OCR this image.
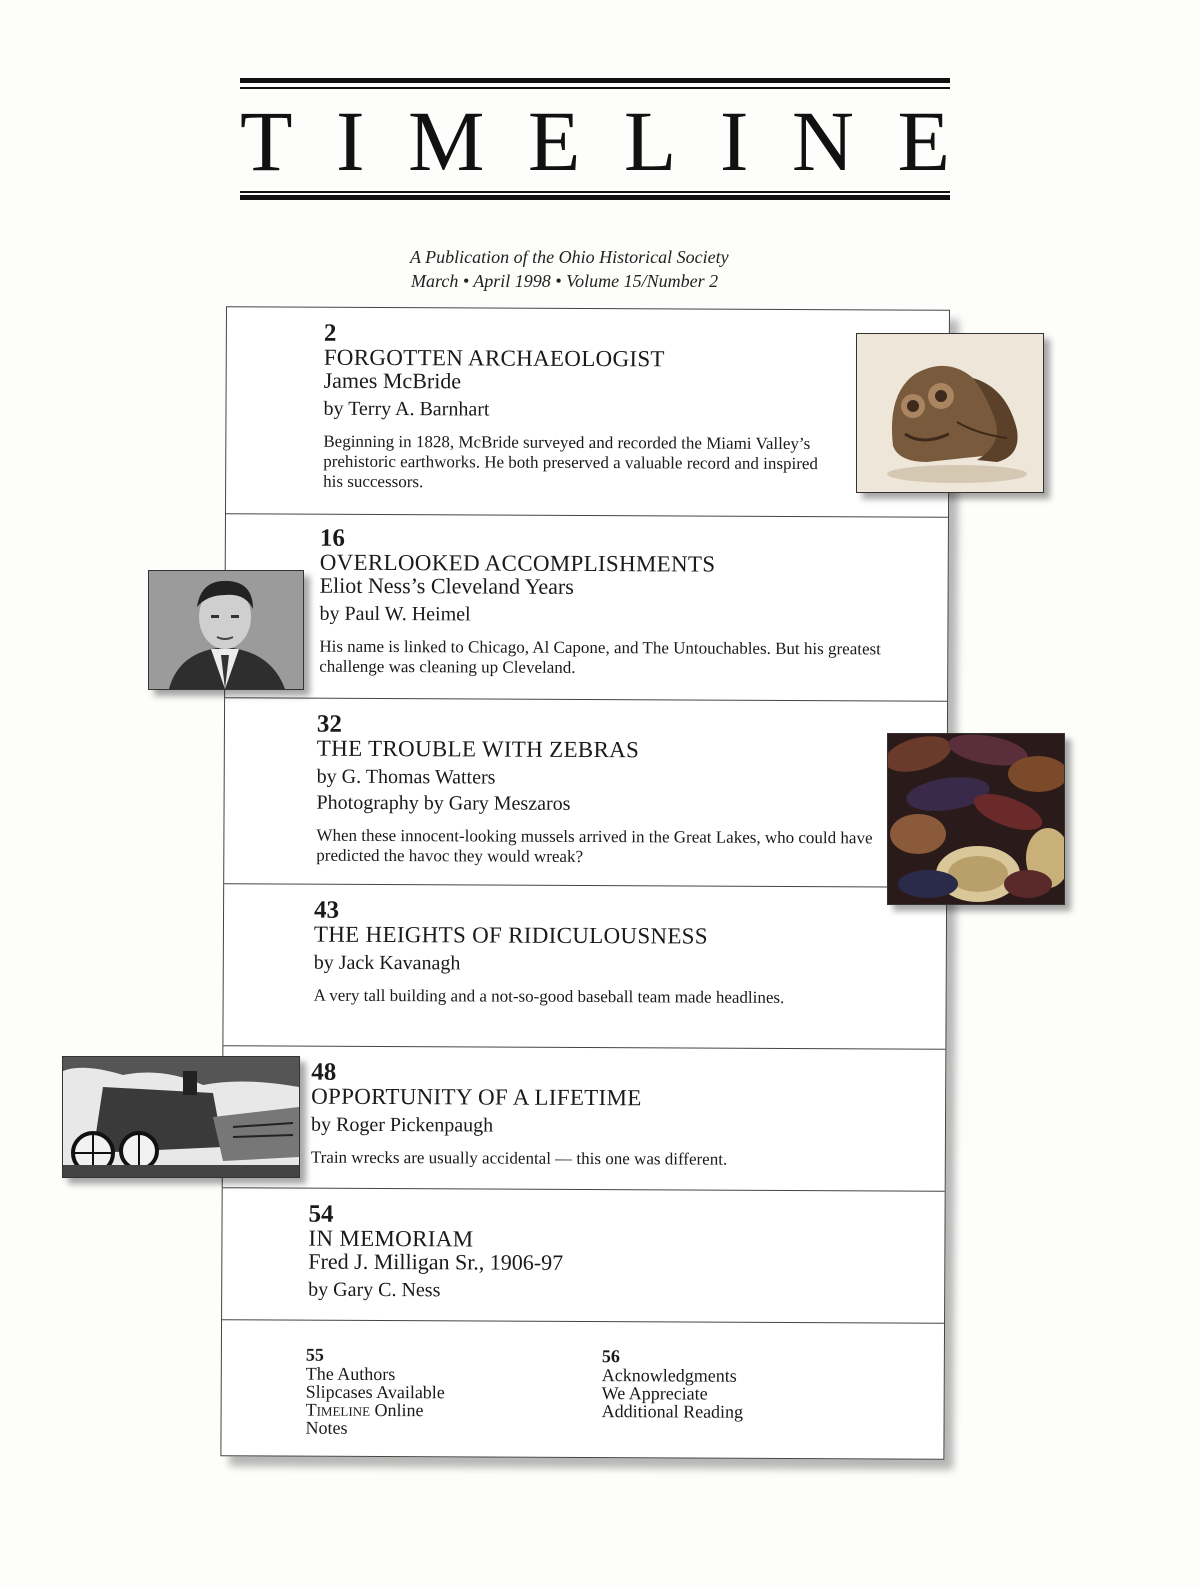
T I M E L I N E
A Publication of the Ohio Historical Society
March • April 1998 • Volume 15/Number 2
2
FORGOTTEN ARCHAEOLOGIST
James McBride
by Terry A. Barnhart
Beginning in 1828, McBride surveyed and recorded the Miami Valley’s prehistoric earthworks. He both preserved a valuable record and inspired his successors.
16
OVERLOOKED ACCOMPLISHMENTS
Eliot Ness’s Cleveland Years
by Paul W. Heimel
His name is linked to Chicago, Al Capone, and The Untouchables. But his greatest challenge was cleaning up Cleveland.
32
THE TROUBLE WITH ZEBRAS
by G. Thomas Watters
Photography by Gary Meszaros
When these innocent-looking mussels arrived in the Great Lakes, who could have predicted the havoc they would wreak?
43
THE HEIGHTS OF RIDICULOUSNESS
by Jack Kavanagh
A very tall building and a not-so-good baseball team made headlines.
48
OPPORTUNITY OF A LIFETIME
by Roger Pickenpaugh
Train wrecks are usually accidental — this one was different.
54
IN MEMORIAM
Fred J. Milligan Sr., 1906-97
by Gary C. Ness
55
The Authors
Slipcases Available
Timeline Online
Notes
56
Acknowledgments
We Appreciate
Additional Reading
